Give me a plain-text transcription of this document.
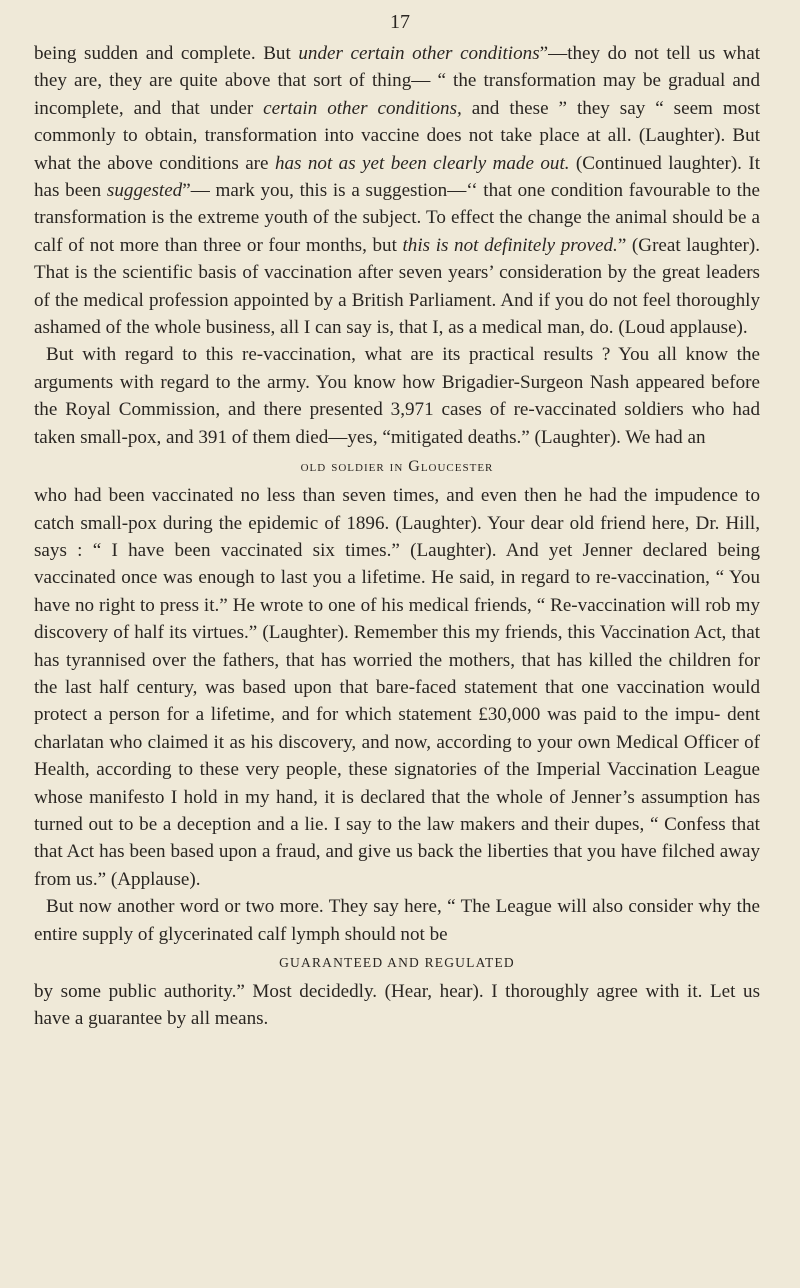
17

being sudden and complete. But under certain other conditions”—they do not tell us what they are, they are quite above that sort of thing— “ the transformation may be gradual and incomplete, and that under certain other conditions, and these ” they say “ seem most commonly to obtain, transformation into vaccine does not take place at all. (Laughter). But what the above conditions are has not as yet been clearly made out. (Continued laughter). It has been suggested”— mark you, this is a suggestion—‘‘ that one condition favourable to the transformation is the extreme youth of the subject. To effect the change the animal should be a calf of not more than three or four months, but this is not definitely proved.” (Great laughter). That is the scientific basis of vaccination after seven years’ consideration by the great leaders of the medical profession appointed by a British Parliament. And if you do not feel thoroughly ashamed of the whole business, all I can say is, that I, as a medical man, do. (Loud applause).

But with regard to this re-vaccination, what are its practical results ? You all know the arguments with regard to the army. You know how Brigadier-Surgeon Nash appeared before the Royal Commission, and there presented 3,971 cases of re-vaccinated soldiers who had taken small-pox, and 391 of them died—yes, “mitigated deaths.” (Laughter). We had an

old soldier in Gloucester

who had been vaccinated no less than seven times, and even then he had the impudence to catch small-pox during the epidemic of 1896. (Laughter). Your dear old friend here, Dr. Hill, says : “ I have been vaccinated six times.” (Laughter). And yet Jenner declared being vaccinated once was enough to last you a lifetime. He said, in regard to re-vaccination, “ You have no right to press it.” He wrote to one of his medical friends, “ Re-vaccination will rob my discovery of half its virtues.” (Laughter). Remember this my friends, this Vaccination Act, that has tyrannised over the fathers, that has worried the mothers, that has killed the children for the last half century, was based upon that bare-faced statement that one vaccination would protect a person for a lifetime, and for which statement £30,000 was paid to the impu- dent charlatan who claimed it as his discovery, and now, according to your own Medical Officer of Health, according to these very people, these signatories of the Imperial Vaccination League whose manifesto I hold in my hand, it is declared that the whole of Jenner’s assumption has turned out to be a deception and a lie. I say to the law makers and their dupes, “ Confess that that Act has been based upon a fraud, and give us back the liberties that you have filched away from us.” (Applause).

But now another word or two more. They say here, “ The League will also consider why the entire supply of glycerinated calf lymph should not be

GUARANTEED AND REGULATED

by some public authority.” Most decidedly. (Hear, hear). I thoroughly agree with it. Let us have a guarantee by all means.
